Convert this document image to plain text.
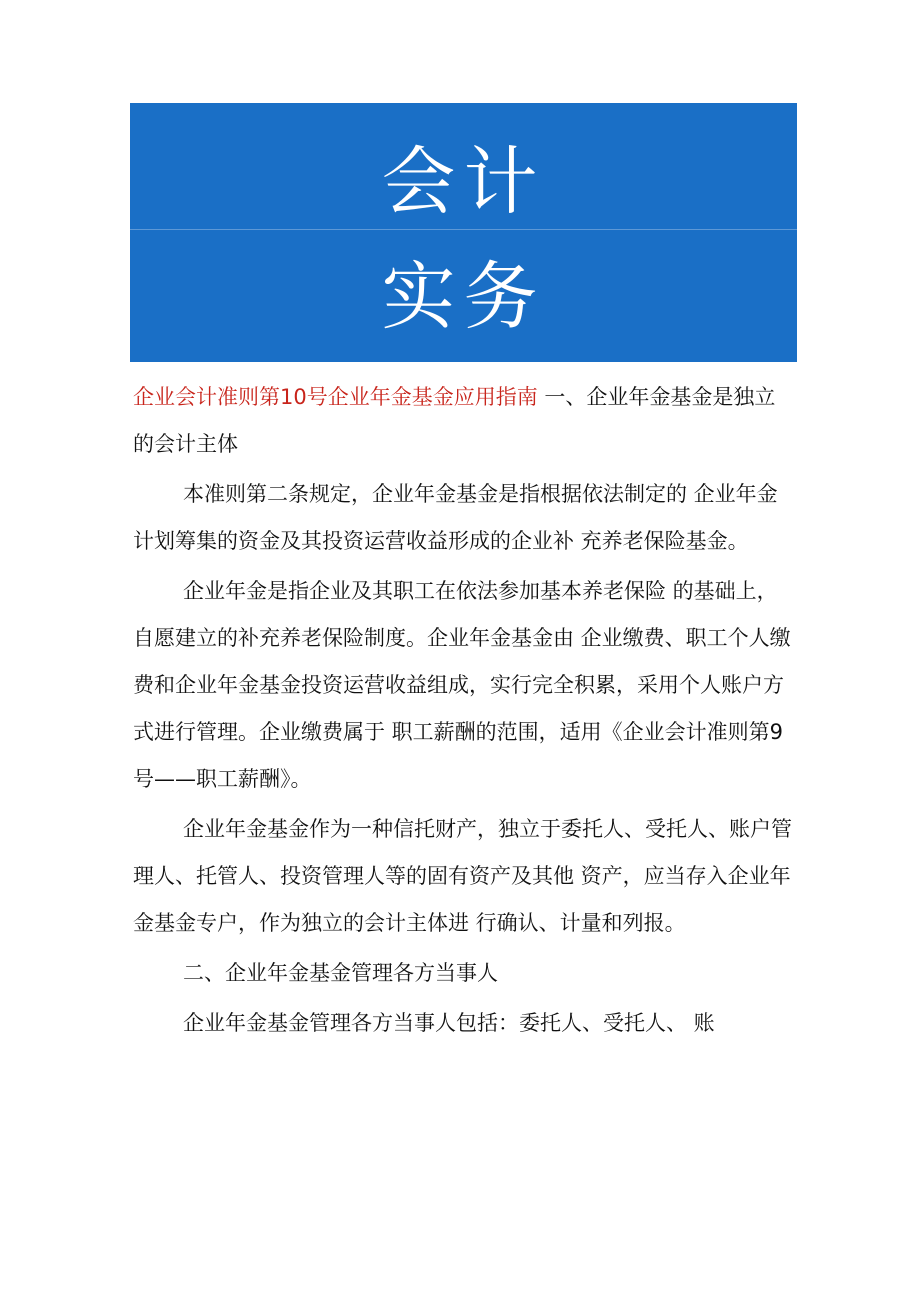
会计
实务

企业会计准则第10号企业年金基金应用指南 一、企业年金基金是独立的会计主体

本准则第二条规定，企业年金基金是指根据依法制定的 企业年金计划筹集的资金及其投资运营收益形成的企业补 充养老保险基金。

企业年金是指企业及其职工在依法参加基本养老保险 的基础上，自愿建立的补充养老保险制度。企业年金基金由 企业缴费、职工个人缴费和企业年金基金投资运营收益组成，实行完全积累，采用个人账户方式进行管理。企业缴费属于 职工薪酬的范围，适用《企业会计准则第9号——职工薪酬》。

企业年金基金作为一种信托财产，独立于委托人、受托人、账户管理人、托管人、投资管理人等的固有资产及其他 资产，应当存入企业年金基金专户，作为独立的会计主体进 行确认、计量和列报。

二、企业年金基金管理各方当事人

企业年金基金管理各方当事人包括：委托人、受托人、 账
